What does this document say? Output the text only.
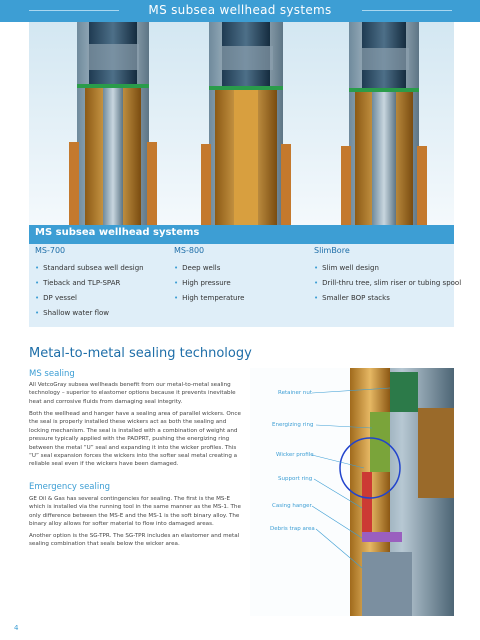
MS subsea wellhead systems
MS subsea wellhead systems
MS-700
• Standard subsea well design
• Tieback and TLP-SPAR
• DP vessel
• Shallow water flow
MS-800
• Deep wells
• High pressure
• High temperature
SlimBore
• Slim well design
• Drill-thru tree, slim riser or tubing spool
• Smaller BOP stacks
Metal-to-metal sealing technology
MS sealing
All VetcoGray subsea wellheads benefit from our metal-to-metal sealing technology – superior to elastomer options because it prevents inevitable heat and corrosive fluids from damaging seal integrity.
Both the wellhead and hanger have a sealing area of parallel wickers. Once the seal is properly installed these wickers act as both the sealing and locking mechanism. The seal is installed with a combination of weight and pressure typically applied with the PADPRT, pushing the energizing ring between the metal “U” seal and expanding it into the wicker profiles. This “U” seal expansion forces the wickers into the softer seal metal creating a reliable seal even if the wickers have been damaged.
Emergency sealing
GE Oil & Gas has several contingencies for sealing. The first is the MS-E which is installed via the running tool in the same manner as the MS-1. The only difference between the MS-E and the MS-1 is the soft binary alloy. The binary alloy allows for softer material to flow into damaged areas.
Another option is the SG-TPR. The SG-TPR includes an elastomer and metal sealing combination that seals below the wicker area.
Retainer nut
Energizing ring
Wicker profile
Support ring
Casing hanger
Debris trap area
4
